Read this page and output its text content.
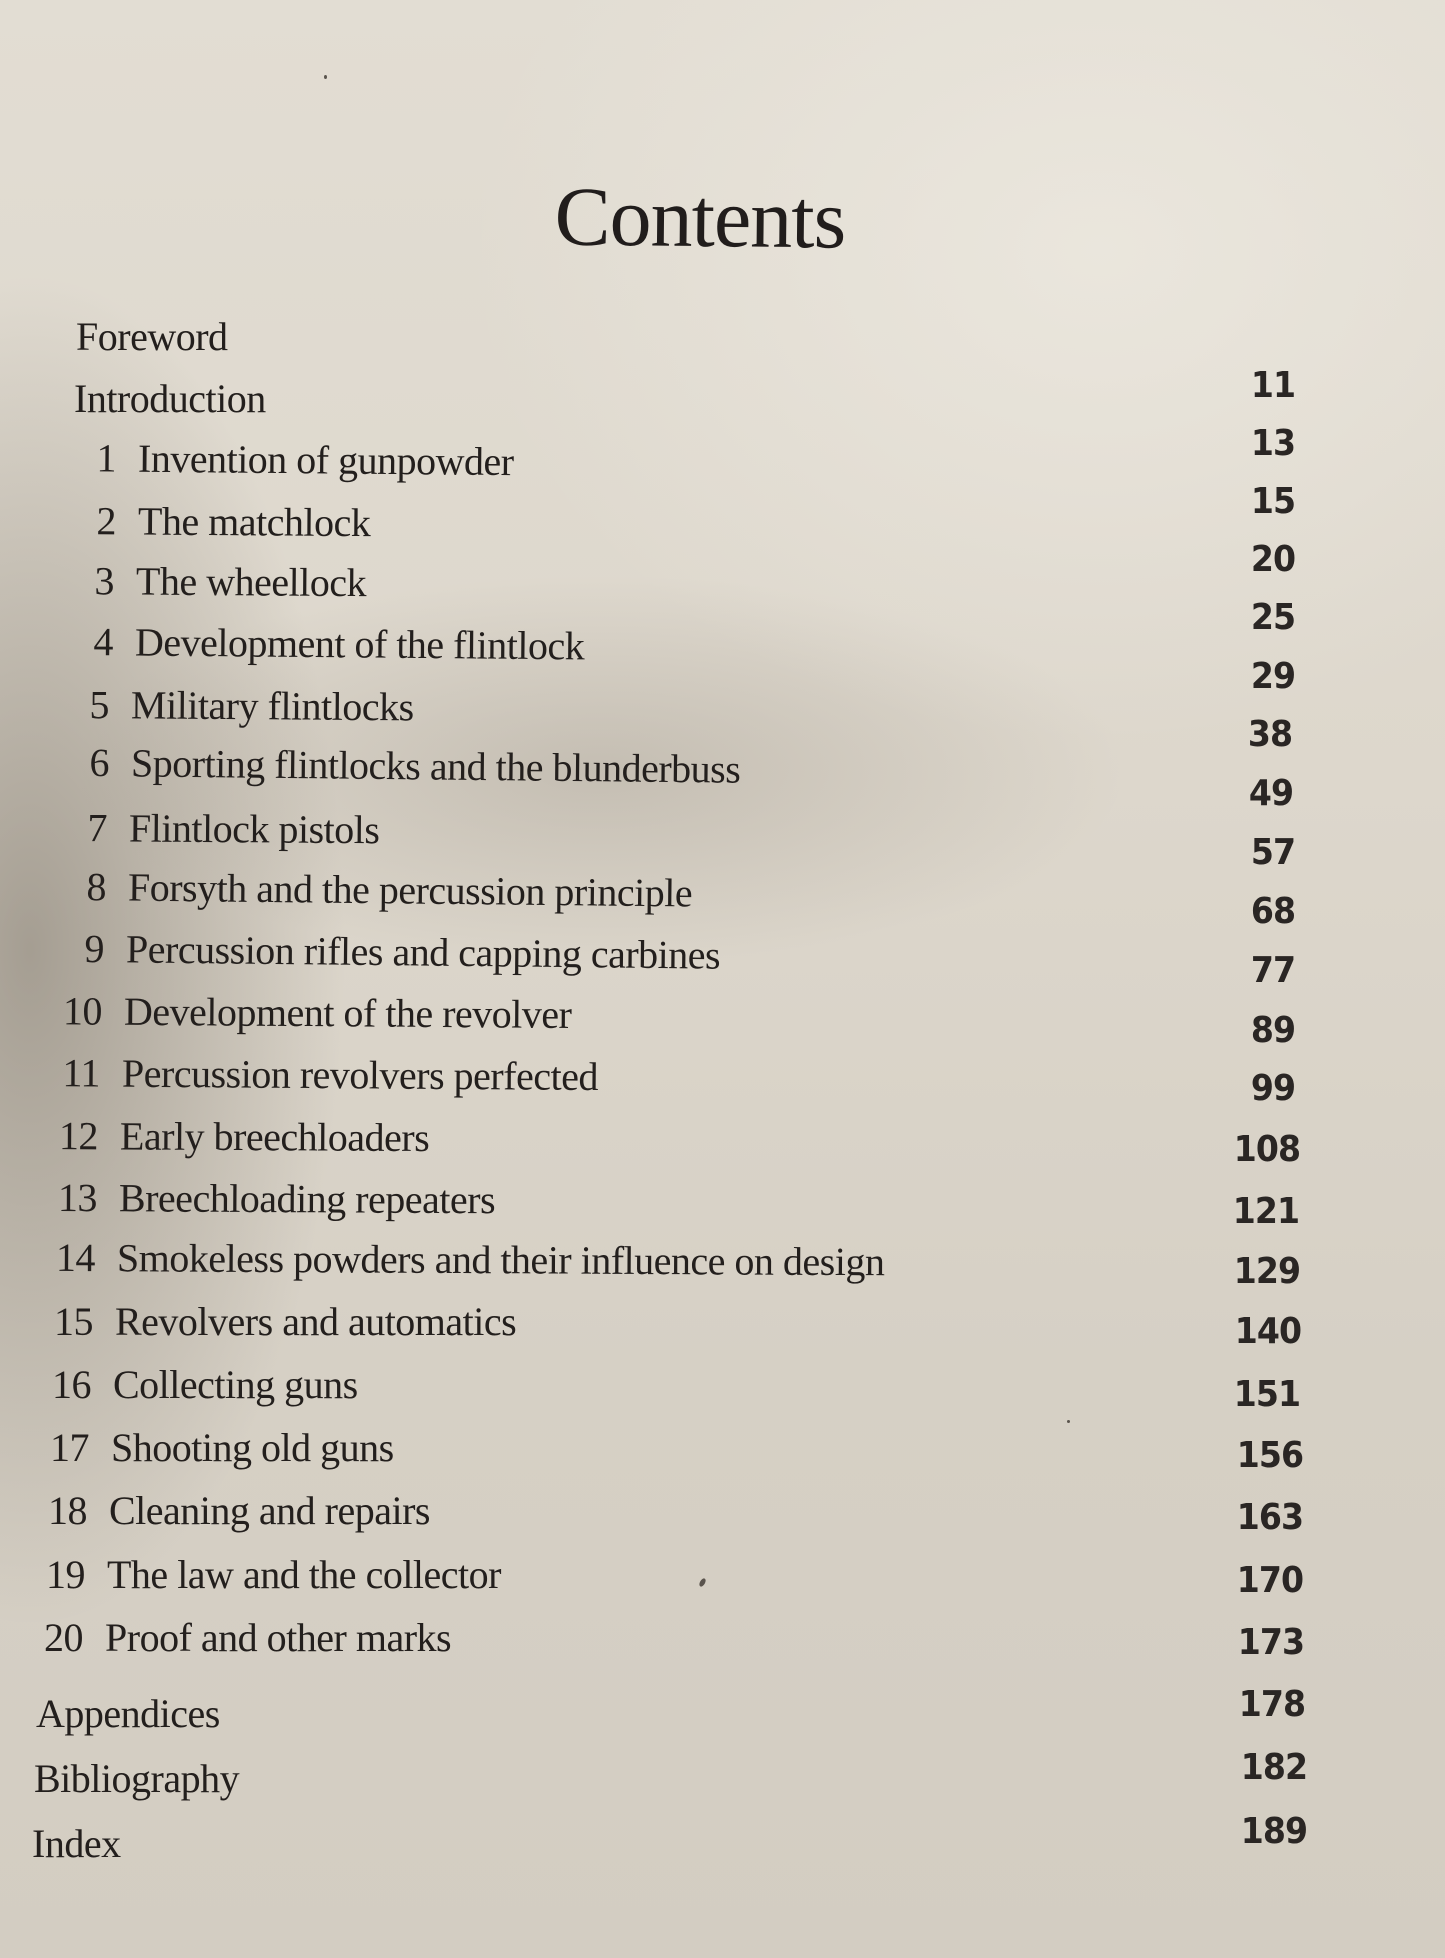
Contents
Foreword
Introduction
1 Invention of gunpowder
2 The matchlock
3 The wheellock
4 Development of the flintlock
5 Military flintlocks
6 Sporting flintlocks and the blunderbuss
7 Flintlock pistols
8 Forsyth and the percussion principle
9 Percussion rifles and capping carbines
10 Development of the revolver
11 Percussion revolvers perfected
12 Early breechloaders
13 Breechloading repeaters
14 Smokeless powders and their influence on design
15 Revolvers and automatics
16 Collecting guns
17 Shooting old guns
18 Cleaning and repairs
19 The law and the collector
20 Proof and other marks
Appendices
Bibliography
Index
11
13
15
20
25
29
38
49
57
68
77
89
99
108
121
129
140
151
156
163
170
173
178
182
189
